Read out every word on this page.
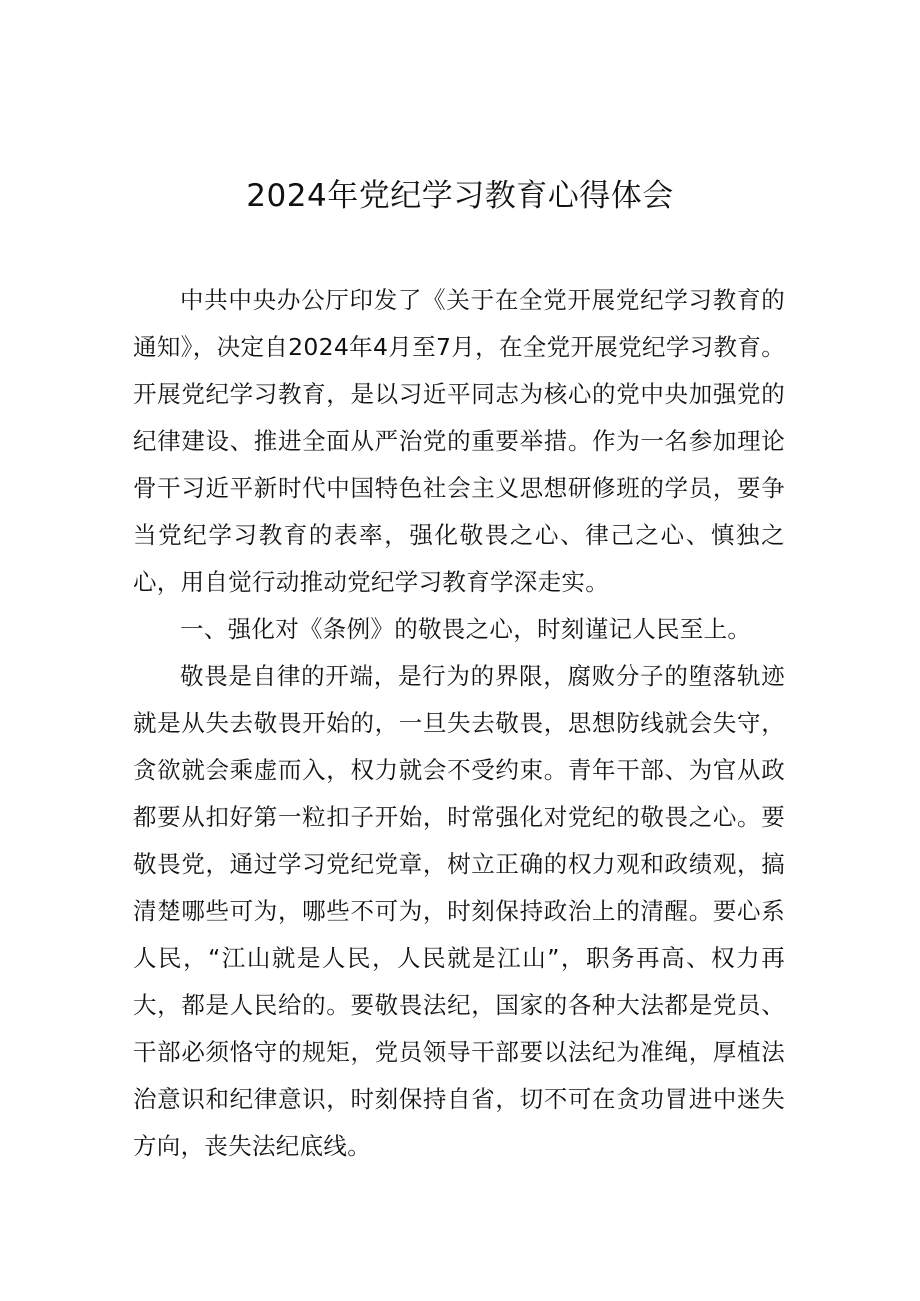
2024年党纪学习教育心得体会

中共中央办公厅印发了《关于在全党开展党纪学习教育的通知》，决定自2024年4月至7月，在全党开展党纪学习教育。开展党纪学习教育，是以习近平同志为核心的党中央加强党的纪律建设、推进全面从严治党的重要举措。作为一名参加理论骨干习近平新时代中国特色社会主义思想研修班的学员，要争当党纪学习教育的表率，强化敬畏之心、律己之心、慎独之心，用自觉行动推动党纪学习教育学深走实。

一、强化对《条例》的敬畏之心，时刻谨记人民至上。

敬畏是自律的开端，是行为的界限，腐败分子的堕落轨迹就是从失去敬畏开始的，一旦失去敬畏，思想防线就会失守，贪欲就会乘虚而入，权力就会不受约束。青年干部、为官从政都要从扣好第一粒扣子开始，时常强化对党纪的敬畏之心。要敬畏党，通过学习党纪党章，树立正确的权力观和政绩观，搞清楚哪些可为，哪些不可为，时刻保持政治上的清醒。要心系人民，“江山就是人民，人民就是江山”，职务再高、权力再大，都是人民给的。要敬畏法纪，国家的各种大法都是党员、干部必须恪守的规矩，党员领导干部要以法纪为准绳，厚植法治意识和纪律意识，时刻保持自省，切不可在贪功冒进中迷失方向，丧失法纪底线。
